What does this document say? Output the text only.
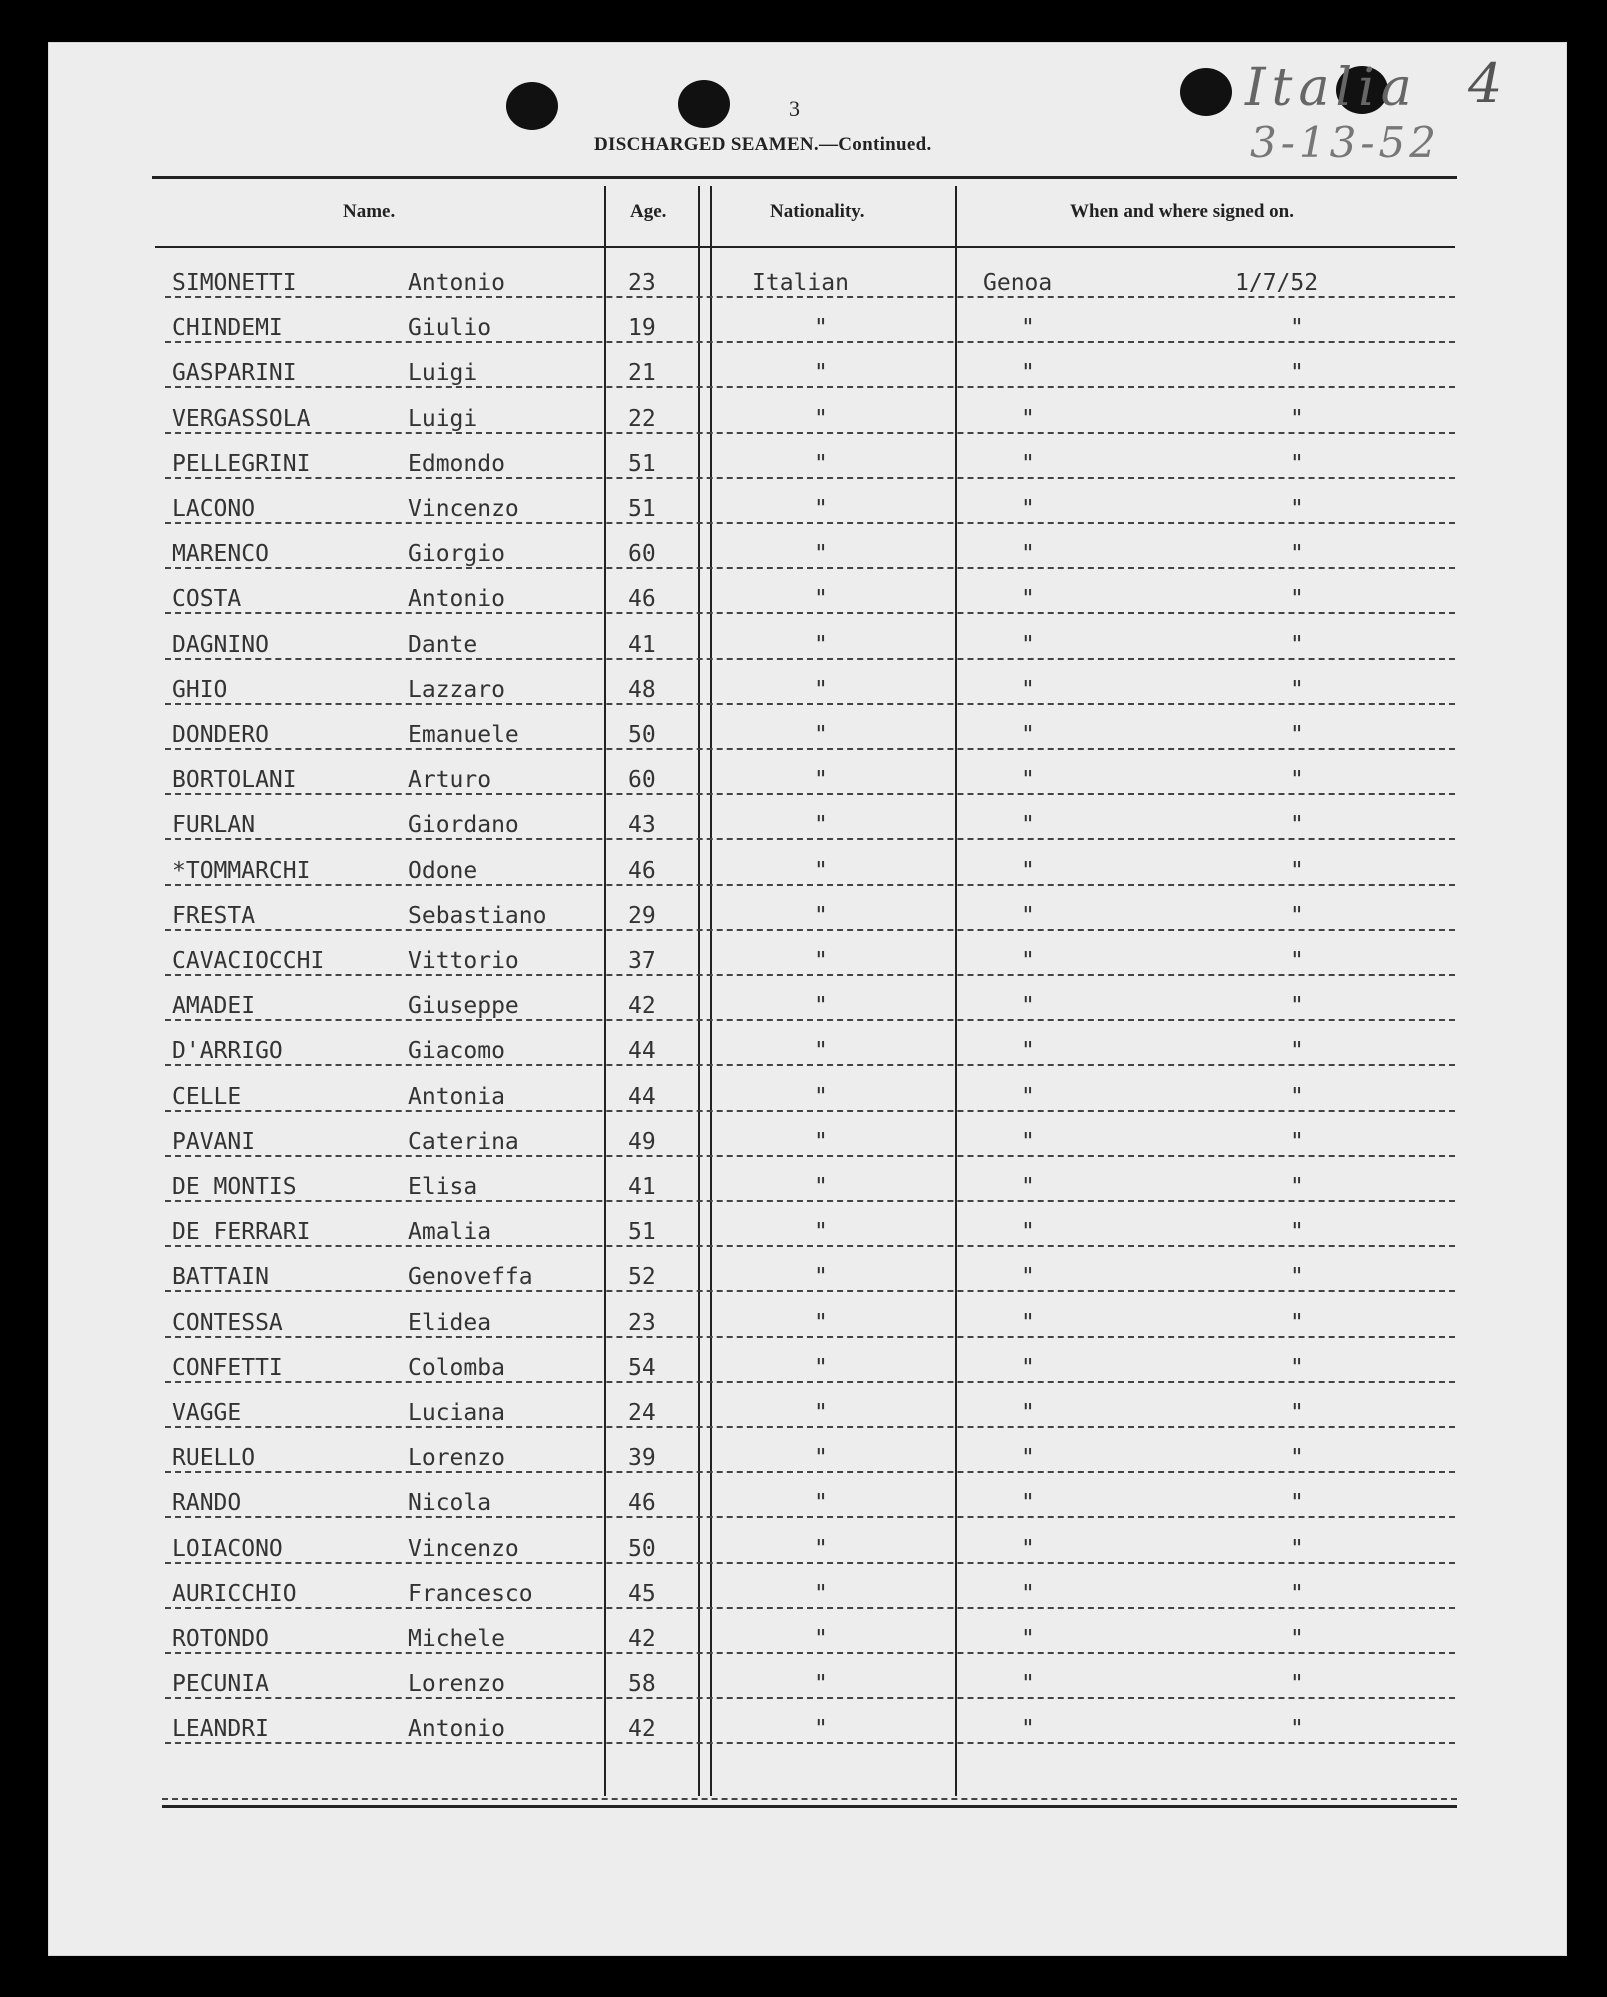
3
DISCHARGED SEAMEN.—Continued.
Italia 4
3-13-52
Name.	Age.	Nationality.	When and where signed on.
SIMONETTI	Antonio	23	Italian	Genoa	1/7/52
CHINDEMI	Giulio	19	"	"	"
GASPARINI	Luigi	21	"	"	"
VERGASSOLA	Luigi	22	"	"	"
PELLEGRINI	Edmondo	51	"	"	"
LACONO	Vincenzo	51	"	"	"
MARENCO	Giorgio	60	"	"	"
COSTA	Antonio	46	"	"	"
DAGNINO	Dante	41	"	"	"
GHIO	Lazzaro	48	"	"	"
DONDERO	Emanuele	50	"	"	"
BORTOLANI	Arturo	60	"	"	"
FURLAN	Giordano	43	"	"	"
*TOMMARCHI	Odone	46	"	"	"
FRESTA	Sebastiano	29	"	"	"
CAVACIOCCHI	Vittorio	37	"	"	"
AMADEI	Giuseppe	42	"	"	"
D'ARRIGO	Giacomo	44	"	"	"
CELLE	Antonia	44	"	"	"
PAVANI	Caterina	49	"	"	"
DE MONTIS	Elisa	41	"	"	"
DE FERRARI	Amalia	51	"	"	"
BATTAIN	Genoveffa	52	"	"	"
CONTESSA	Elidea	23	"	"	"
CONFETTI	Colomba	54	"	"	"
VAGGE	Luciana	24	"	"	"
RUELLO	Lorenzo	39	"	"	"
RANDO	Nicola	46	"	"	"
LOIACONO	Vincenzo	50	"	"	"
AURICCHIO	Francesco	45	"	"	"
ROTONDO	Michele	42	"	"	"
PECUNIA	Lorenzo	58	"	"	"
LEANDRI	Antonio	42	"	"	"
